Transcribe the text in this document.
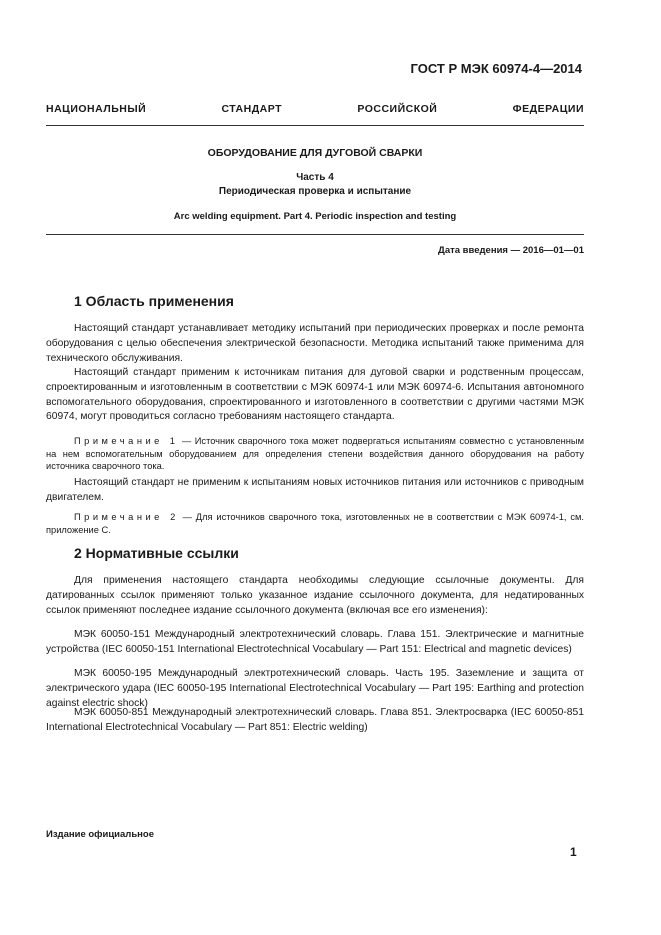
ГОСТ Р МЭК 60974-4—2014
НАЦИОНАЛЬНЫЙ СТАНДАРТ РОССИЙСКОЙ ФЕДЕРАЦИИ
ОБОРУДОВАНИЕ ДЛЯ ДУГОВОЙ СВАРКИ
Часть 4
Периодическая проверка и испытание
Arc welding equipment. Part 4. Periodic inspection and testing
Дата введения — 2016—01—01
1 Область применения
Настоящий стандарт устанавливает методику испытаний при периодических проверках и после ремонта оборудования с целью обеспечения электрической безопасности. Методика испытаний также применима для технического обслуживания.
Настоящий стандарт применим к источникам питания для дуговой сварки и родственным процессам, спроектированным и изготовленным в соответствии с МЭК 60974-1 или МЭК 60974-6. Испытания автономного вспомогательного оборудования, спроектированного и изготовленного в соответствии с другими частями МЭК 60974, могут проводиться согласно требованиям настоящего стандарта.
Примечание 1 — Источник сварочного тока может подвергаться испытаниям совместно с установленным на нем вспомогательным оборудованием для определения степени воздействия данного оборудования на работу источника сварочного тока.
Настоящий стандарт не применим к испытаниям новых источников питания или источников с приводным двигателем.
Примечание 2 — Для источников сварочного тока, изготовленных не в соответствии с МЭК 60974-1, см. приложение С.
2 Нормативные ссылки
Для применения настоящего стандарта необходимы следующие ссылочные документы. Для датированных ссылок применяют только указанное издание ссылочного документа, для недатированных ссылок применяют последнее издание ссылочного документа (включая все его изменения):
МЭК 60050-151 Международный электротехнический словарь. Глава 151. Электрические и магнитные устройства (IEC 60050-151 International Electrotechnical Vocabulary — Part 151: Electrical and magnetic devices)
МЭК 60050-195 Международный электротехнический словарь. Часть 195. Заземление и защита от электрического удара (IEC 60050-195 International Electrotechnical Vocabulary — Part 195: Earthing and protection against electric shock)
МЭК 60050-851 Международный электротехнический словарь. Глава 851. Электросварка (IEC 60050-851 International Electrotechnical Vocabulary — Part 851: Electric welding)
Издание официальное
1
